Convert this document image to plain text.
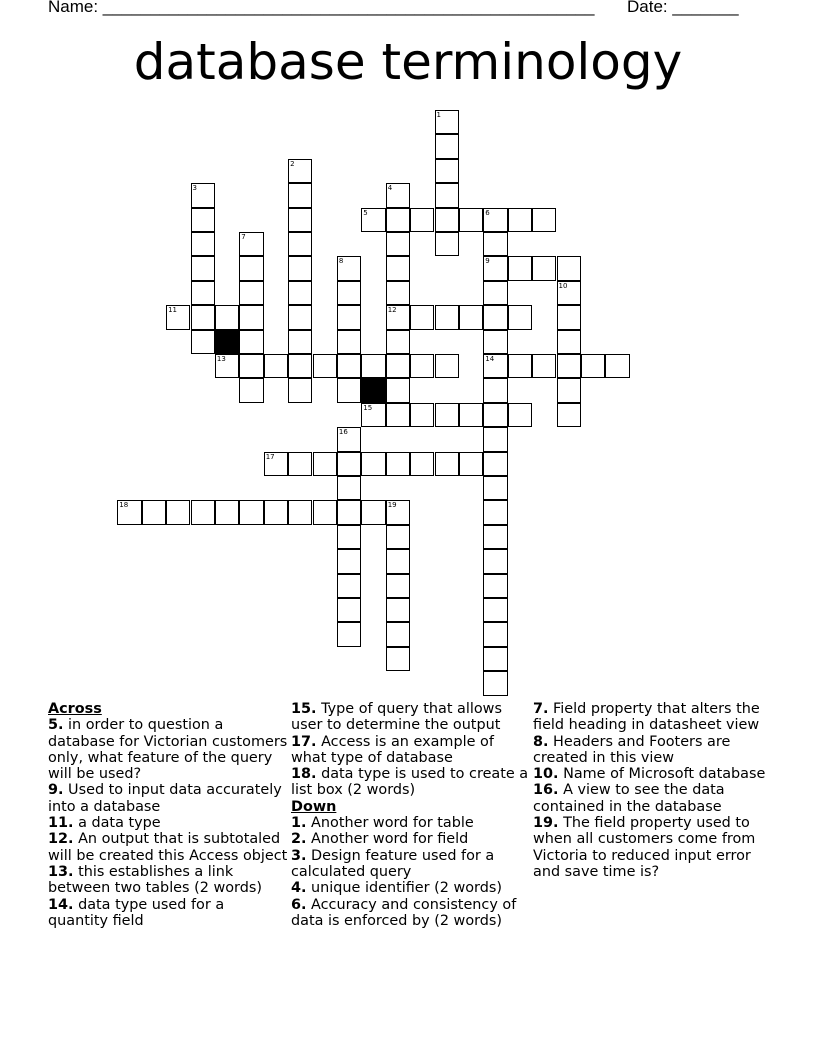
Name: ____________________________________________________ Date: _______
database terminology
1
2
3	4
12
5	6
9
14
7
8
10
11
13
15
16
17
18	19
Across
5. in order to question a database for Victorian customers only, what feature of the query will be used?
9. Used to input data accurately into a database
11. a data type
12. An output that is subtotaled will be created this Access object
13. this establishes a link between two tables (2 words)
14. data type used for a quantity field
15. Type of query that allows user to determine the output
17. Access is an example of what type of database
18. data type is used to create a list box (2 words)
Down
1. Another word for table
2. Another word for field
3. Design feature used for a calculated query
4. unique identifier (2 words)
6. Accuracy and consistency of data is enforced by (2 words)
7. Field property that alters the field heading in datasheet view
8. Headers and Footers are created in this view
10. Name of Microsoft database
16. A view to see the data contained in the database
19. The field property used to when all customers come from Victoria to reduced input error and save time is?
